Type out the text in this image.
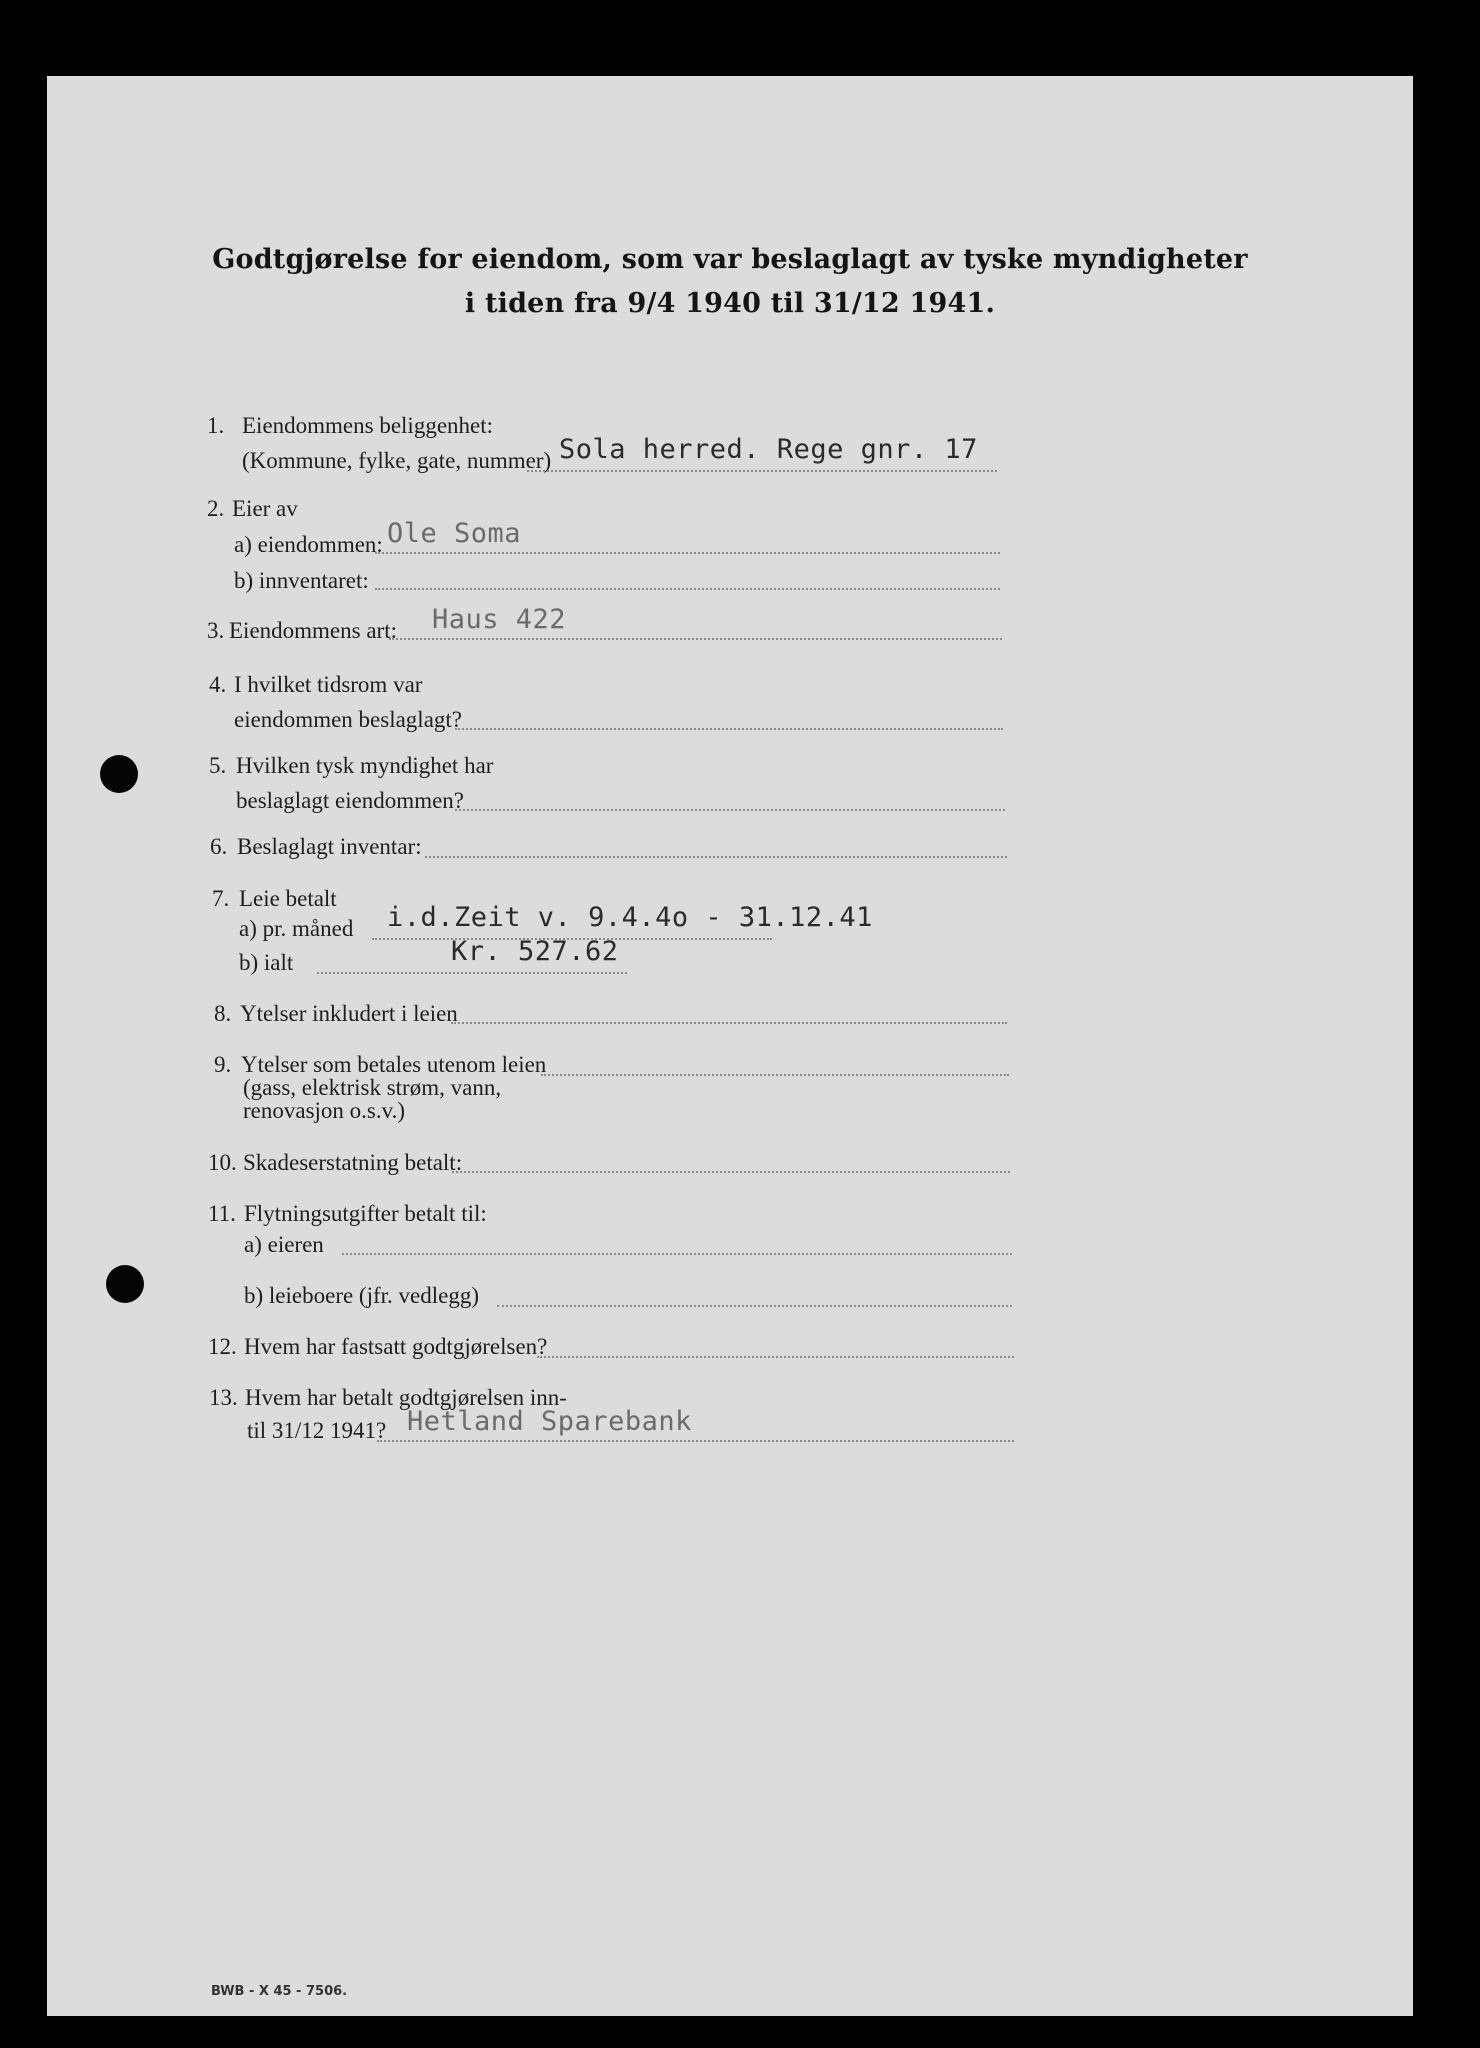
Godtgjørelse for eiendom, som var beslaglagt av tyske myndigheter
i tiden fra 9/4 1940 til 31/12 1941.
1. Eiendommens beliggenhet:
(Kommune, fylke, gate, nummer) Sola herred. Rege gnr. 17
2. Eier av
a) eiendommen: Ole Soma
b) innventaret:
3. Eiendommens art: Haus 422
4. I hvilket tidsrom var
eiendommen beslaglagt?
5. Hvilken tysk myndighet har
beslaglagt eiendommen?
6. Beslaglagt inventar:
7. Leie betalt
a) pr. måned i.d.Zeit v. 9.4.4o - 31.12.41
b) ialt	Kr. 527.62
8. Ytelser inkludert i leien
9. Ytelser som betales utenom leien
(gass, elektrisk strøm, vann,
renovasjon o.s.v.)
10. Skadeserstatning betalt:
11. Flytningsutgifter betalt til:
a) eieren
b) leieboere (jfr. vedlegg)
12. Hvem har fastsatt godtgjørelsen?
13. Hvem har betalt godtgjørelsen inn-
til 31/12 1941? Hetland Sparebank
BWB - X 45 - 7506.
